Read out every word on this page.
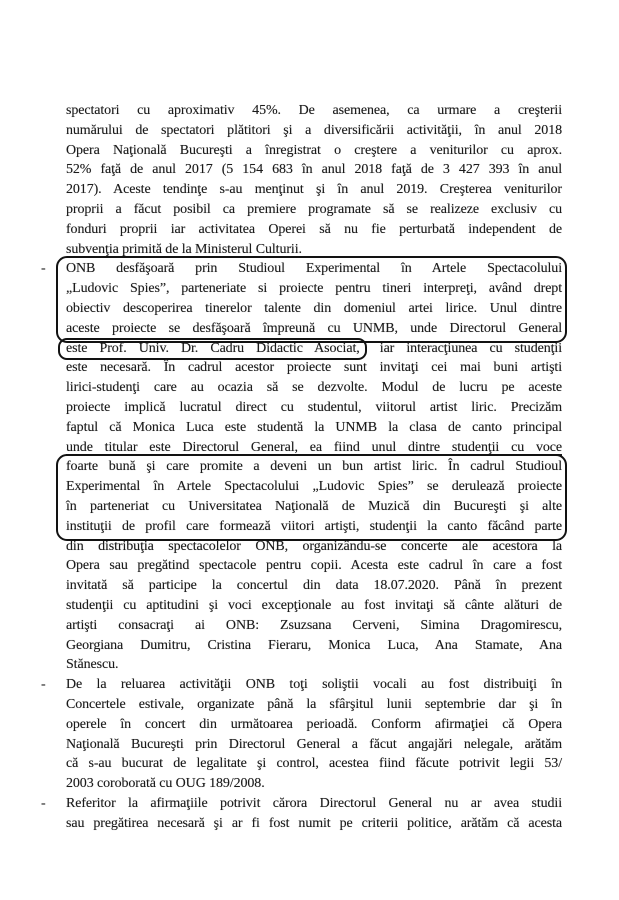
spectatori cu aproximativ 45%. De asemenea, ca urmare a creşterii
numărului de spectatori plătitori şi a diversificării activităţii, în anul 2018
Opera Naţională Bucureşti a înregistrat o creştere a veniturilor cu aprox.
52% faţă de anul 2017 (5 154 683 în anul 2018 faţă de 3 427 393 în anul
2017). Aceste tendinţe s-au menţinut şi în anul 2019. Creşterea veniturilor
proprii a făcut posibil ca premiere programate să se realizeze exclusiv cu
fonduri proprii iar activitatea Operei să nu fie perturbată independent de
subvenţia primită de la Ministerul Culturii.
- ONB desfăşoară prin Studioul Experimental în Artele Spectacolului
„Ludovic Spies”, parteneriate si proiecte pentru tineri interpreţi, având drept
obiectiv descoperirea tinerelor talente din domeniul artei lirice. Unul dintre
aceste proiecte se desfăşoară împreună cu UNMB, unde Directorul General
este Prof. Univ. Dr. Cadru Didactic Asociat, iar interacţiunea cu studenţii
este necesară. În cadrul acestor proiecte sunt invitaţi cei mai buni artişti
lirici-studenţi care au ocazia să se dezvolte. Modul de lucru pe aceste
proiecte implică lucratul direct cu studentul, viitorul artist liric. Precizăm
faptul că Monica Luca este studentă la UNMB la clasa de canto principal
unde titular este Directorul General, ea fiind unul dintre studenţii cu voce
foarte bună şi care promite a deveni un bun artist liric. În cadrul Studioul
Experimental în Artele Spectacolului „Ludovic Spies” se derulează proiecte
în parteneriat cu Universitatea Naţională de Muzică din Bucureşti şi alte
instituţii de profil care formează viitori artişti, studenţii la canto făcând parte
din distribuţia spectacolelor ONB, organizându-se concerte ale acestora la
Opera sau pregătind spectacole pentru copii. Acesta este cadrul în care a fost
invitată să participe la concertul din data 18.07.2020. Până în prezent
studenţii cu aptitudini şi voci excepţionale au fost invitaţi să cânte alături de
artişti consacraţi ai ONB: Zsuzsana Cerveni, Simina Dragomirescu,
Georgiana Dumitru, Cristina Fieraru, Monica Luca, Ana Stamate, Ana
Stănescu.
- De la reluarea activităţii ONB toţi soliştii vocali au fost distribuiţi în
Concertele estivale, organizate până la sfârşitul lunii septembrie dar şi în
operele în concert din următoarea perioadă. Conform afirmaţiei că Opera
Naţională Bucureşti prin Directorul General a făcut angajări nelegale, arătăm
că s-au bucurat de legalitate şi control, acestea fiind făcute potrivit legii 53/
2003 coroborată cu OUG 189/2008.
- Referitor la afirmaţiile potrivit cărora Directorul General nu ar avea studii
sau pregătirea necesară şi ar fi fost numit pe criterii politice, arătăm că acesta
